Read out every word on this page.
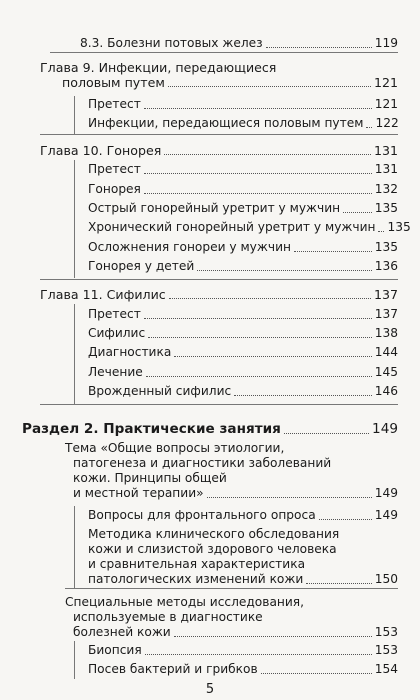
8.3. Болезни потовых желез	119
Глава 9. Инфекции, передающиеся
половым путем	121
Претест	121
Инфекции, передающиеся половым путем 122
Глава 10. Гонорея	131
Претест	131
Гонорея	132
Острый гонорейный уретрит у мужчин	135
Хронический гонорейный уретрит у мужчин 135
Осложнения гонореи у мужчин	135
Гонорея у детей	136
Глава 11. Сифилис	137
Претест	137
Сифилис	138
Диагностика	144
Лечение	145
Врожденный сифилис	146
Раздел 2. Практические занятия	149
Тема «Общие вопросы этиологии,
патогенеза и диагностики заболеваний
кожи. Принципы общей
и местной терапии»	149
Вопросы для фронтального опроса	149
Методика клинического обследования
кожи и слизистой здорового человека
и сравнительная характеристика
патологических изменений кожи	150
Специальные методы исследования,
используемые в диагностике
болезней кожи	153
Биопсия	153
Посев бактерий и грибков	154
5
